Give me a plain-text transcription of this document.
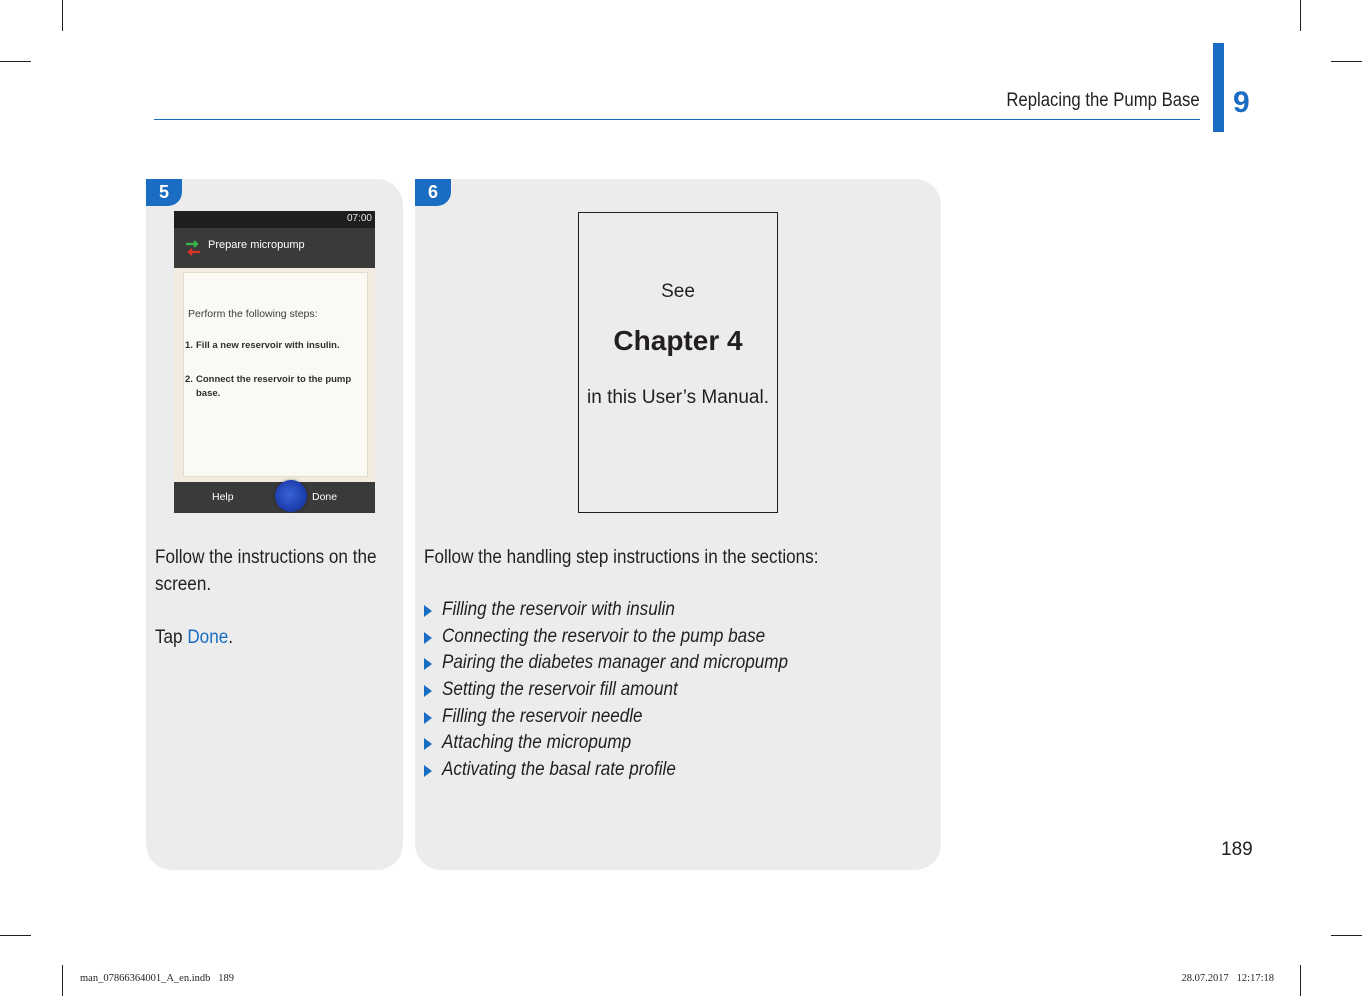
Replacing the Pump Base 9
5
07:00
Prepare micropump
Perform the following steps:
1. Fill a new reservoir with insulin.
2. Connect the reservoir to the pump base.
Help	Done
Follow the instructions on the screen.
Tap Done.
6
See
Chapter 4
in this User’s Manual.
Follow the handling step instructions in the sections:
Filling the reservoir with insulin
Connecting the reservoir to the pump base
Pairing the diabetes manager and micropump
Setting the reservoir fill amount
Filling the reservoir needle
Attaching the micropump
Activating the basal rate profile
189
man_07866364001_A_en.indb   189	28.07.2017   12:17:18
